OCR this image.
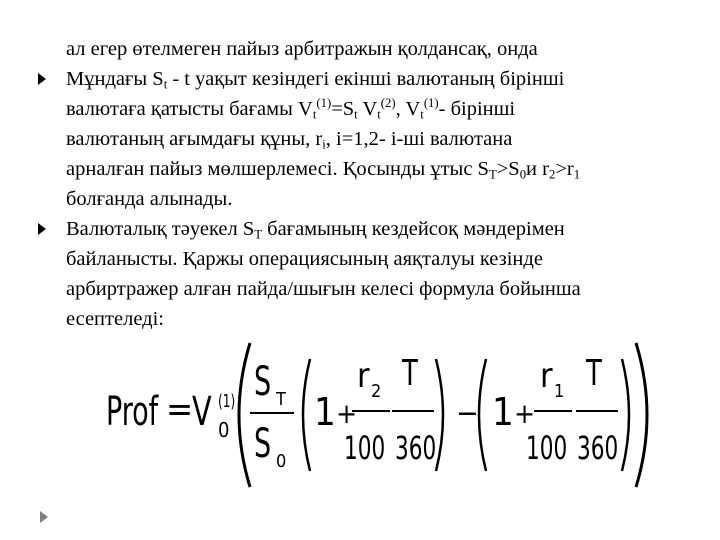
ал егер өтелмеген пайыз арбитражын қолдансақ, онда
Мұндағы $S_t$ - t уақыт кезіндегі екінші валютаның бірінші
валютаға қатысты бағамы $V_t^{(1)}=S_t$ $V_t^{(2)}$, $V_t^{(1)}-$ бірінші
валютаның ағымдағы құны, $r_i$, i=1,2- i-ші валютана
арналған пайыз мөлшерлемесі. Қосынды ұтыс $S_T>S_0и$ $r_2>r_1$
болғанда алынады.
Валюталық тәуекел $S_T$ бағамының кездейсоқ мәндерімен
байланысты. Қаржы операциясының аяқталуы кезінде
арбиртражер алған пайда/шығын келесі формула бойынша
есептеледі:
Prof =
V (1)
0
S T
S 0
1 +
r 2
100
T
360
− 1 +
r 1
100
T
360
